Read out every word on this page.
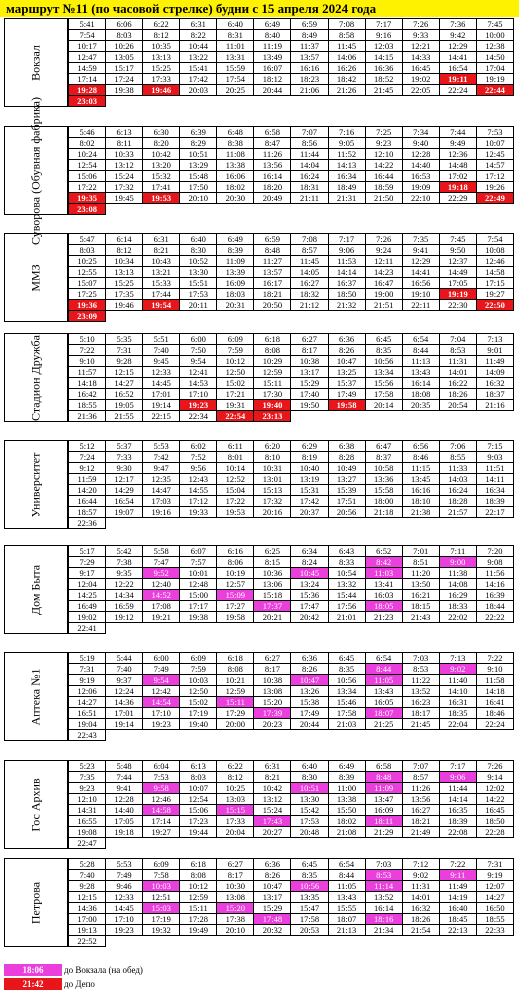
маршрут №11 (по часовой стрелке) будни с 15 апреля 2024 года
Вокзал
5:41	6:06	6:22	6:31	6:40	6:49	6:59	7:08	7:17	7:26	7:36	7:45
7:54	8:03	8:12	8:22	8:31	8:40	8:49	8:58	9:16	9:33	9:42	10:00
10:17	10:26	10:35	10:44	11:01	11:19	11:37	11:45	12:03	12:21	12:29	12:38
12:47	13:05	13:13	13:22	13:31	13:49	13:57	14:06	14:15	14:33	14:41	14:50
14:59	15:17	15:25	15:41	15:59	16:07	16:16	16:26	16:36	16:45	16:54	17:04
17:14	17:24	17:33	17:42	17:54	18:12	18:23	18:42	18:52	19:02	19:11	19:19
19:28	19:38	19:46	20:03	20:25	20:44	21:06	21:26	21:45	22:05	22:24	22:44
23:03											
Суворова (Обувная фабрика)	5:46	6:13	6:30	6:39	6:48	6:58	7:07	7:16	7:25	7:34	7:44	7:53
8:02	8:11	8:20	8:29	8:38	8:47	8:56	9:05	9:23	9:40	9:49	10:07
10:24	10:33	10:42	10:51	11:08	11:26	11:44	11:52	12:10	12:28	12:36	12:45
12:54	13:12	13:20	13:29	13:38	13:56	14:04	14:13	14:22	14:40	14:48	14:57
15:06	15:24	15:32	15:48	16:06	16:14	16:24	16:34	16:44	16:53	17:02	17:12
17:22	17:32	17:41	17:50	18:02	18:20	18:31	18:49	18:59	19:09	19:18	19:26
19:35	19:45	19:53	20:10	20:30	20:49	21:11	21:31	21:50	22:10	22:29	22:49
23:08											
ММЗ
5:47	6:14	6:31	6:40	6:49	6:59	7:08	7:17	7:26	7:35	7:45	7:54
8:03	8:12	8:21	8:30	8:39	8:48	8:57	9:06	9:24	9:41	9:50	10:08
10:25	10:34	10:43	10:52	11:09	11:27	11:45	11:53	12:11	12:29	12:37	12:46
12:55	13:13	13:21	13:30	13:39	13:57	14:05	14:14	14:23	14:41	14:49	14:58
15:07	15:25	15:33	15:51	16:09	16:17	16:27	16:37	16:47	16:56	17:05	17:15
17:25	17:35	17:44	17:53	18:03	18:21	18:32	18:50	19:00	19:10	19:19	19:27
19:36	19:46	19:54	20:11	20:31	20:50	21:12	21:32	21:51	22:11	22:30	22:50
23:09											
Стадион Дружба	5:10	5:35	5:51	6:00	6:09	6:18	6:27	6:36	6:45	6:54	7:04	7:13
7:22	7:31	7:40	7:50	7:59	8:08	8:17	8:26	8:35	8:44	8:53	9:01
9:10	9:28	9:45	9:54	10:12	10:29	10:38	10:47	10:56	11:13	11:31	11:49
11:57	12:15	12:33	12:41	12:50	12:59	13:17	13:25	13:34	13:43	14:01	14:09
14:18	14:27	14:45	14:53	15:02	15:11	15:29	15:37	15:56	16:14	16:22	16:32
16:42	16:52	17:01	17:10	17:21	17:30	17:40	17:49	17:58	18:08	18:26	18:37
18:55	19:05	19:14	19:23	19:31	19:40	19:50	19:58	20:14	20:35	20:54	21:16
21:36	21:55	22:15	22:34	22:54	23:13						
Университет
5:12	5:37	5:53	6:02	6:11	6:20	6:29	6:38	6:47	6:56	7:06	7:15
7:24	7:33	7:42	7:52	8:01	8:10	8:19	8:28	8:37	8:46	8:55	9:03
9:12	9:30	9:47	9:56	10:14	10:31	10:40	10:49	10:58	11:15	11:33	11:51
11:59	12:17	12:35	12:43	12:52	13:01	13:19	13:27	13:36	13:45	14:03	14:11
14:20	14:29	14:47	14:55	15:04	15:13	15:31	15:39	15:58	16:16	16:24	16:34
16:44	16:54	17:03	17:12	17:22	17:32	17:42	17:51	18:00	18:10	18:28	18:39
18:57	19:07	19:16	19:33	19:53	20:16	20:37	20:56	21:18	21:38	21:57	22:17
22:36											
Дом Быта
5:17	5:42	5:58	6:07	6:16	6:25	6:34	6:43	6:52	7:01	7:11	7:20
7:29	7:38	7:47	7:57	8:06	8:15	8:24	8:33	8:42	8:51	9:00	9:08
9:17	9:35	9:52	10:01	10:19	10:36	10:45	10:54	11:03	11:20	11:38	11:56
12:04	12:22	12:40	12:48	12:57	13:06	13:24	13:32	13:41	13:50	14:08	14:16
14:25	14:34	14:52	15:00	15:09	15:18	15:36	15:44	16:03	16:21	16:29	16:39
16:49	16:59	17:08	17:17	17:27	17:37	17:47	17:56	18:05	18:15	18:33	18:44
19:02	19:12	19:21	19:38	19:58	20:21	20:42	21:01	21:23	21:43	22:02	22:22
22:41											
Аптека №1
5:19	5:44	6:00	6:09	6:18	6:27	6:36	6:45	6:54	7:03	7:13	7:22
7:31	7:40	7:49	7:59	8:08	8:17	8:26	8:35	8:44	8:53	9:02	9:10
9:19	9:37	9:54	10:03	10:21	10:38	10:47	10:56	11:05	11:22	11:40	11:58
12:06	12:24	12:42	12:50	12:59	13:08	13:26	13:34	13:43	13:52	14:10	14:18
14:27	14:36	14:54	15:02	15:11	15:20	15:38	15:46	16:05	16:23	16:31	16:41
16:51	17:01	17:10	17:19	17:29	17:39	17:49	17:58	18:07	18:17	18:35	18:46
19:04	19:14	19:23	19:40	20:00	20:23	20:44	21:03	21:25	21:45	22:04	22:24
22:43											
Гос Архив
5:23	5:48	6:04	6:13	6:22	6:31	6:40	6:49	6:58	7:07	7:17	7:26
7:35	7:44	7:53	8:03	8:12	8:21	8:30	8:39	8:48	8:57	9:06	9:14
9:23	9:41	9:58	10:07	10:25	10:42	10:51	11:00	11:09	11:26	11:44	12:02
12:10	12:28	12:46	12:54	13:03	13:12	13:30	13:38	13:47	13:56	14:14	14:22
14:31	14:40	14:58	15:06	15:15	15:24	15:42	15:50	16:09	16:27	16:35	16:45
16:55	17:05	17:14	17:23	17:33	17:43	17:53	18:02	18:11	18:21	18:39	18:50
19:08	19:18	19:27	19:44	20:04	20:27	20:48	21:08	21:29	21:49	22:08	22:28
22:47											
Петрова
5:28	5:53	6:09	6:18	6:27	6:36	6:45	6:54	7:03	7:12	7:22	7:31
7:40	7:49	7:58	8:08	8:17	8:26	8:35	8:44	8:53	9:02	9:11	9:19
9:28	9:46	10:03	10:12	10:30	10:47	10:56	11:05	11:14	11:31	11:49	12:07
12:15	12:33	12:51	12:59	13:08	13:17	13:35	13:43	13:52	14:01	14:19	14:27
14:36	14:45	15:03	15:11	15:20	15:29	15:47	15:55	16:14	16:32	16:40	16:50
17:00	17:10	17:19	17:28	17:38	17:48	17:58	18:07	18:16	18:26	18:45	18:55
19:13	19:23	19:32	19:49	20:10	20:32	20:53	21:13	21:34	21:54	22:13	22:33
22:52											
18:06	до Вокзала (на обед)
21:42	до Депо
